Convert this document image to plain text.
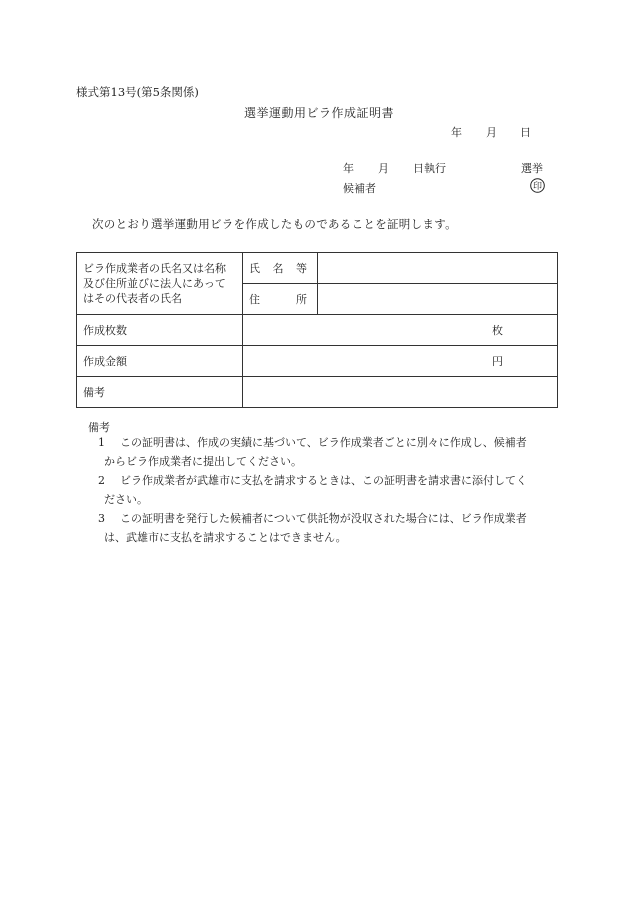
様式第13号(第5条関係)
選挙運動用ビラ作成証明書
年 月 日
年 月 日執行	選挙
候補者	印
次のとおり選挙運動用ビラを作成したものであることを証明します。
ビラ作成業者の氏名又は名称
及び住所並びに法人にあって
はその代表者の氏名	氏　名　等	
	住　　所	
作成枚数	枚	
作成金額	円	
備考		
備考
1	この証明書は、作成の実績に基づいて、ビラ作成業者ごとに別々に作成し、候補者
からビラ作成業者に提出してください。
2	ビラ作成業者が武雄市に支払を請求するときは、この証明書を請求書に添付してく
ださい。
3	この証明書を発行した候補者について供託物が没収された場合には、ビラ作成業者
は、武雄市に支払を請求することはできません。
